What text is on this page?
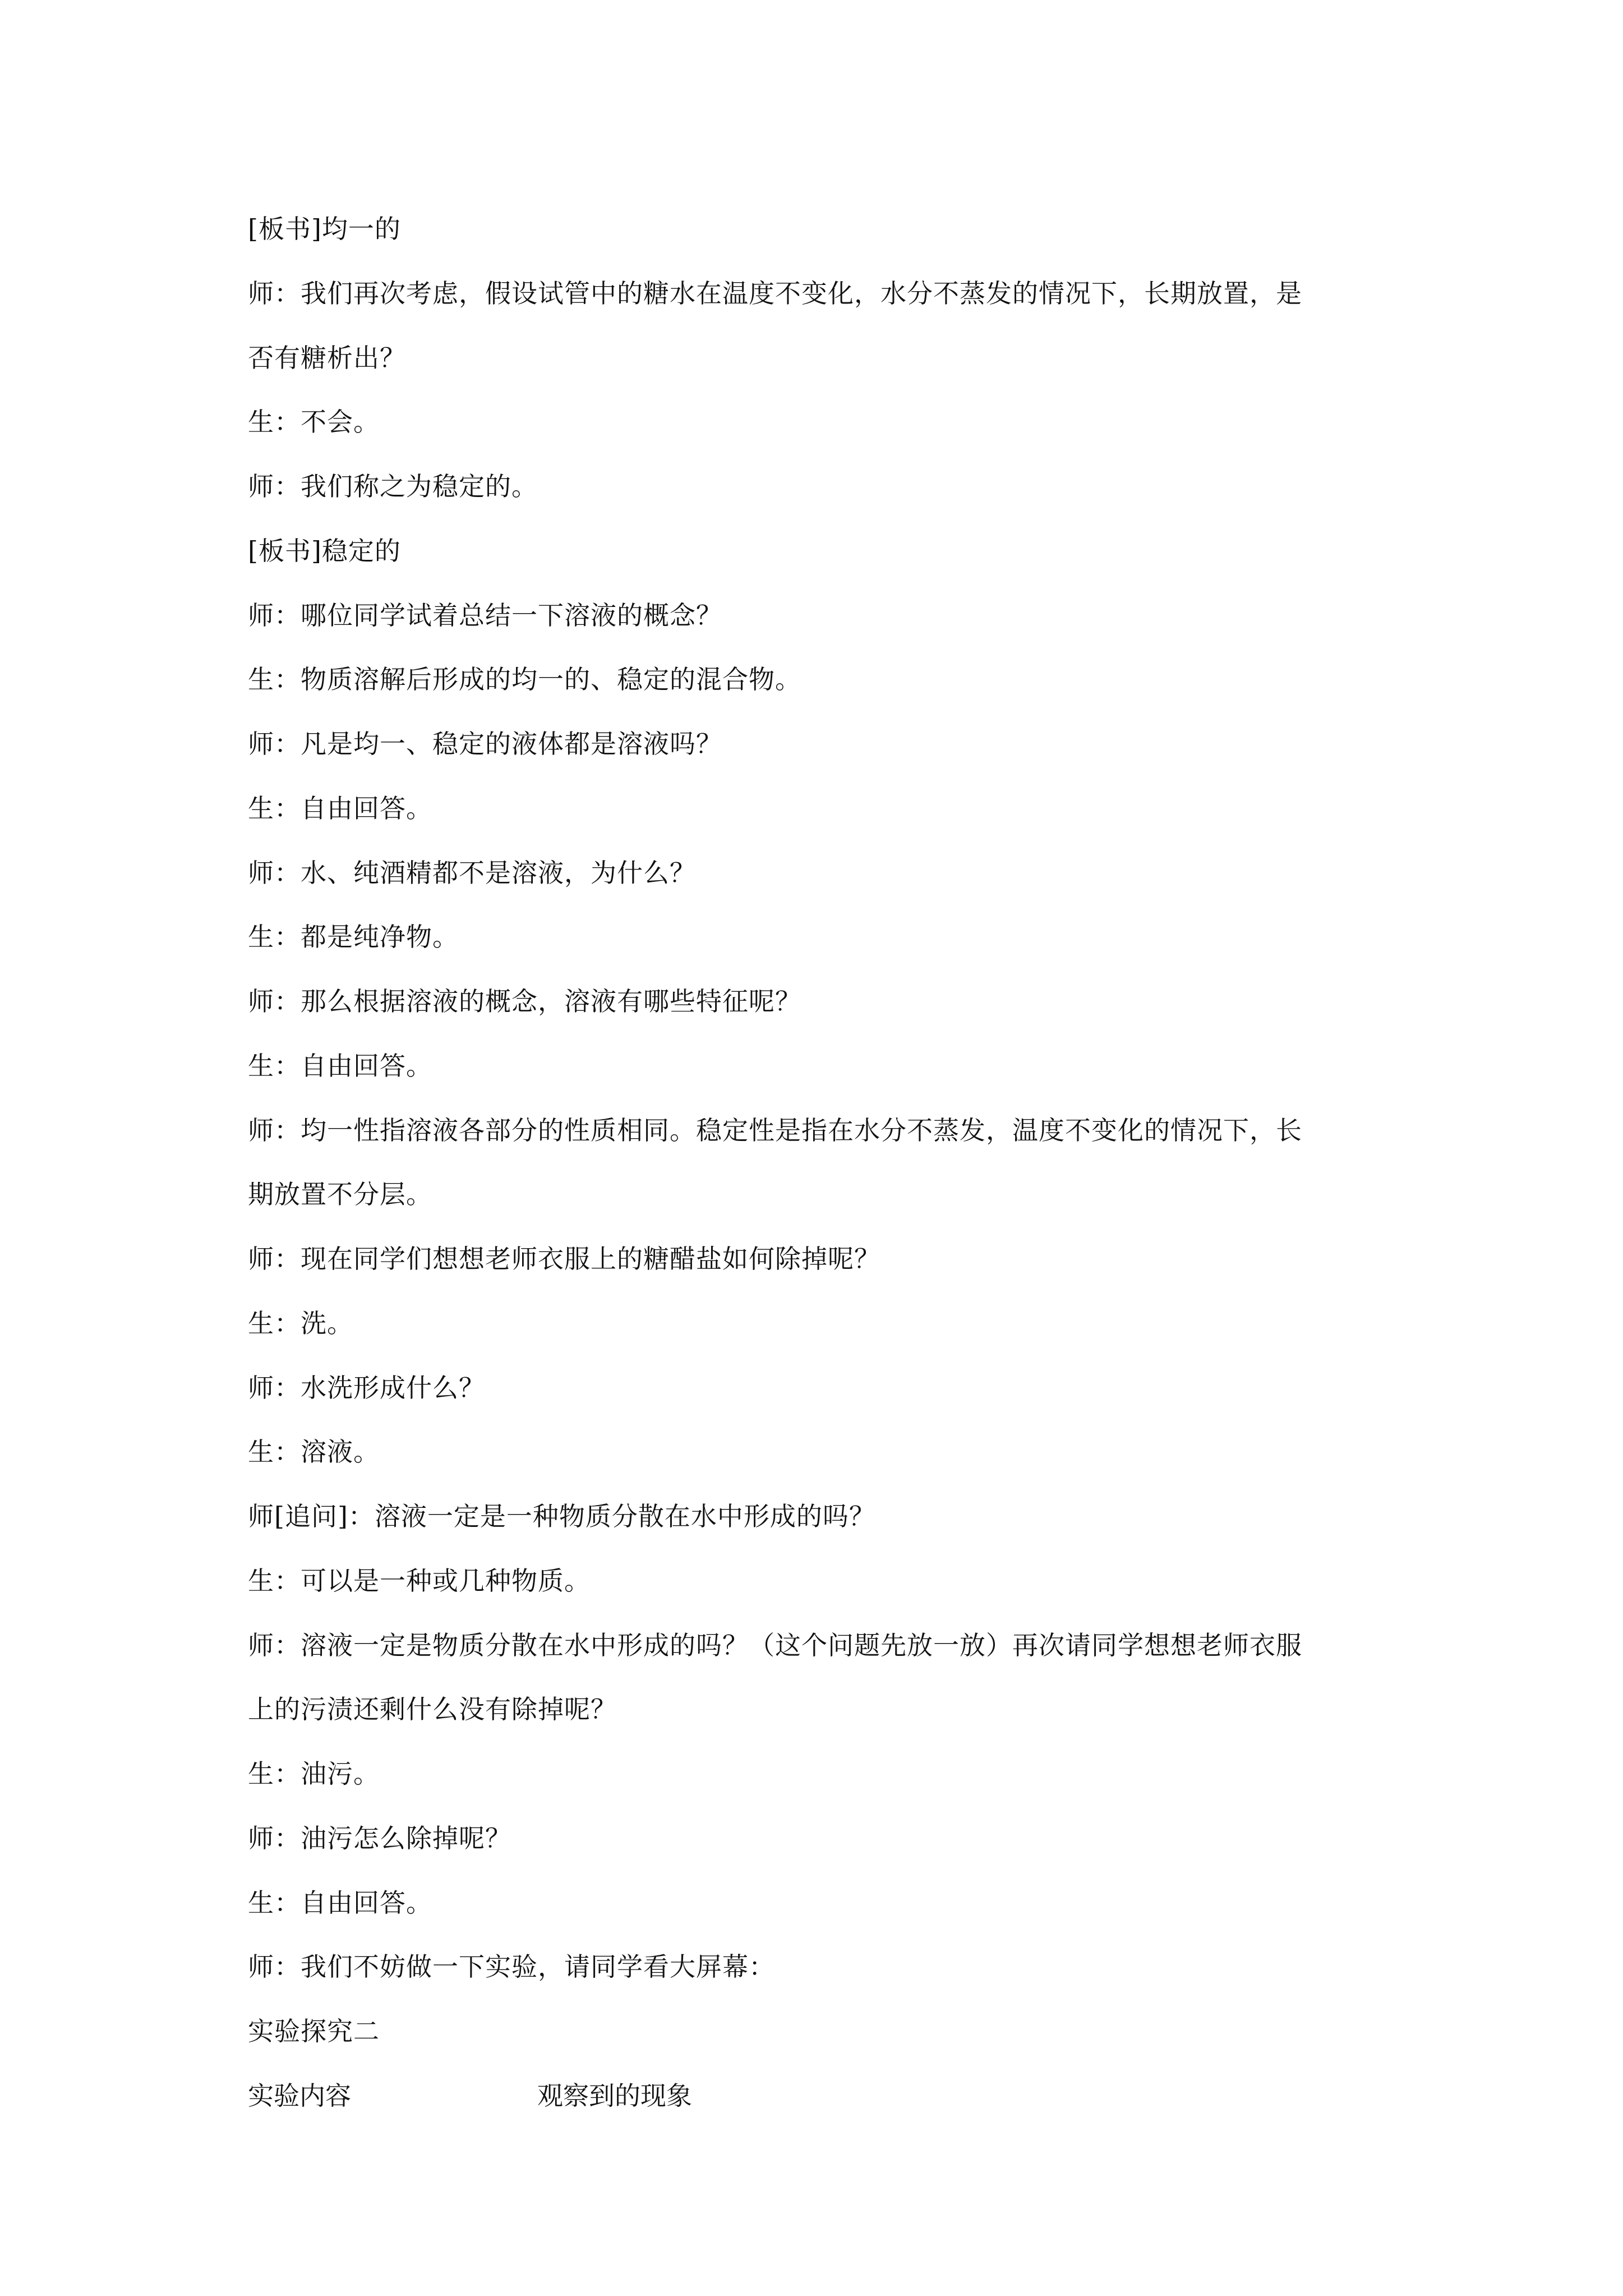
[板书]均一的
师：我们再次考虑，假设试管中的糖水在温度不变化，水分不蒸发的情况下，长期放置，是
否有糖析出？
生：不会。
师：我们称之为稳定的。
[板书]稳定的
师：哪位同学试着总结一下溶液的概念？
生：物质溶解后形成的均一的、稳定的混合物。
师：凡是均一、稳定的液体都是溶液吗？
生：自由回答。
师：水、纯酒精都不是溶液，为什么？
生：都是纯净物。
师：那么根据溶液的概念，溶液有哪些特征呢？
生：自由回答。
师：均一性指溶液各部分的性质相同。稳定性是指在水分不蒸发，温度不变化的情况下，长
期放置不分层。
师：现在同学们想想老师衣服上的糖醋盐如何除掉呢？
生：洗。
师：水洗形成什么？
生：溶液。
师[追问]：溶液一定是一种物质分散在水中形成的吗？
生：可以是一种或几种物质。
师：溶液一定是物质分散在水中形成的吗？（这个问题先放一放）再次请同学想想老师衣服
上的污渍还剩什么没有除掉呢？
生：油污。
师：油污怎么除掉呢？
生：自由回答。
师：我们不妨做一下实验，请同学看大屏幕：
实验探究二
实验内容	观察到的现象
